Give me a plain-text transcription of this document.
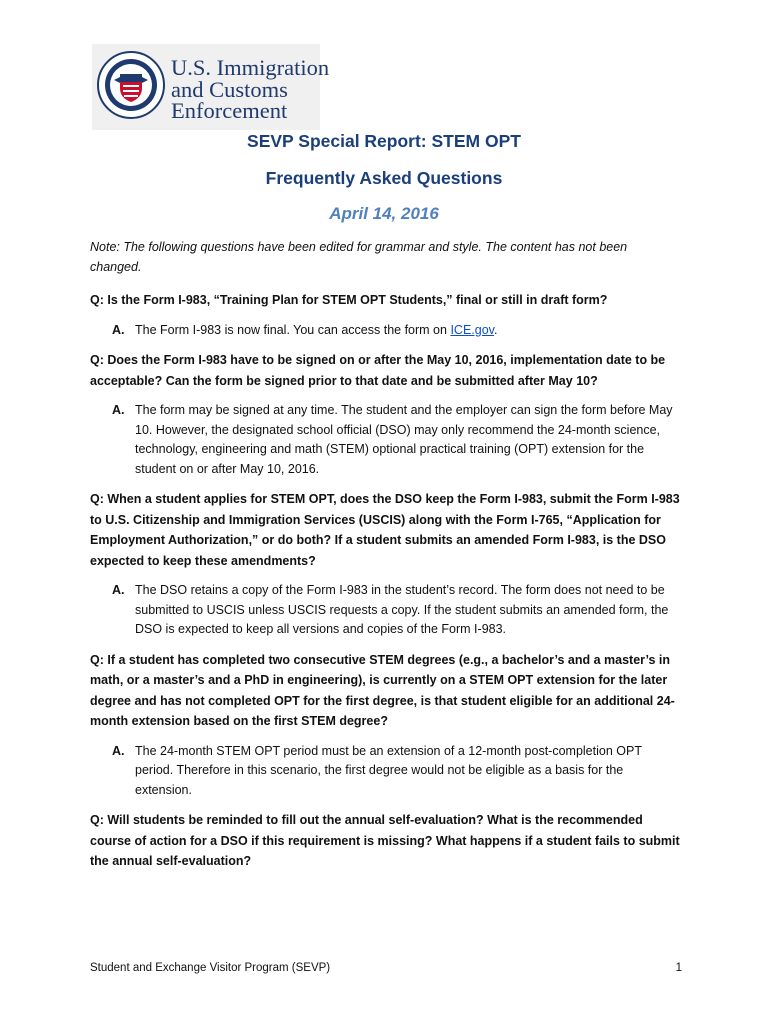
U.S. Immigration
and Customs
Enforcement
SEVP Special Report: STEM OPT
Frequently Asked Questions
April 14, 2016

Note: The following questions have been edited for grammar and style. The content has not been changed.

Q: Is the Form I-983, “Training Plan for STEM OPT Students,” final or still in draft form?

A. The Form I-983 is now final. You can access the form on ICE.gov.

Q: Does the Form I-983 have to be signed on or after the May 10, 2016, implementation date to be acceptable? Can the form be signed prior to that date and be submitted after May 10?

A. The form may be signed at any time. The student and the employer can sign the form before May 10. However, the designated school official (DSO) may only recommend the 24-month science, technology, engineering and math (STEM) optional practical training (OPT) extension for the student on or after May 10, 2016.

Q: When a student applies for STEM OPT, does the DSO keep the Form I-983, submit the Form I-983 to U.S. Citizenship and Immigration Services (USCIS) along with the Form I-765, “Application for Employment Authorization,” or do both? If a student submits an amended Form I-983, is the DSO expected to keep these amendments?

A. The DSO retains a copy of the Form I-983 in the student’s record. The form does not need to be submitted to USCIS unless USCIS requests a copy. If the student submits an amended form, the DSO is expected to keep all versions and copies of the Form I-983.

Q: If a student has completed two consecutive STEM degrees (e.g., a bachelor’s and a master’s in math, or a master’s and a PhD in engineering), is currently on a STEM OPT extension for the later degree and has not completed OPT for the first degree, is that student eligible for an additional 24-month extension based on the first STEM degree?

A. The 24-month STEM OPT period must be an extension of a 12-month post-completion OPT period. Therefore in this scenario, the first degree would not be eligible as a basis for the extension.

Q: Will students be reminded to fill out the annual self-evaluation? What is the recommended course of action for a DSO if this requirement is missing? What happens if a student fails to submit the annual self-evaluation?

Student and Exchange Visitor Program (SEVP)	1
